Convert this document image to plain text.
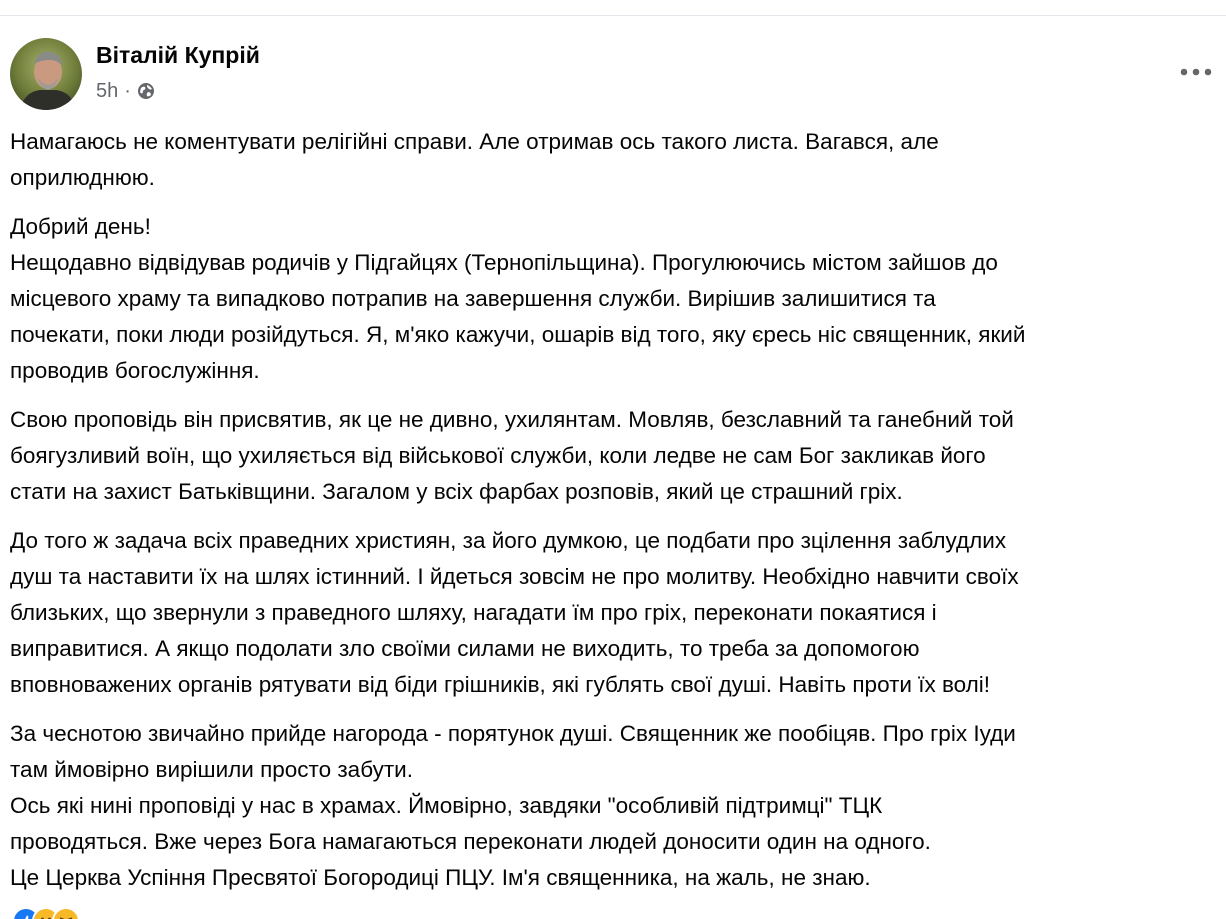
Віталій Купрій
5h ·
Намагаюсь не коментувати релігійні справи. Але отримав ось такого листа. Вагався, але
оприлюднюю.
Добрий день!
Нещодавно відвідував родичів у Підгайцях (Тернопільщина). Прогулюючись містом зайшов до
місцевого храму та випадково потрапив на завершення служби. Вирішив залишитися та
почекати, поки люди розійдуться. Я, м'яко кажучи, ошарів від того, яку єресь ніс священник, який
проводив богослужіння.
Свою проповідь він присвятив, як це не дивно, ухилянтам. Мовляв, безславний та ганебний той
боягузливий воїн, що ухиляється від військової служби, коли ледве не сам Бог закликав його
стати на захист Батьківщини. Загалом у всіх фарбах розповів, який це страшний гріх.
До того ж задача всіх праведних християн, за його думкою, це подбати про зцілення заблудлих
душ та наставити їх на шлях істинний. І йдеться зовсім не про молитву. Необхідно навчити своїх
близьких, що звернули з праведного шляху, нагадати їм про гріх, переконати покаятися і
виправитися. А якщо подолати зло своїми силами не виходить, то треба за допомогою
вповноважених органів рятувати від біди грішників, які гублять свої душі. Навіть проти їх волі!
За чеснотою звичайно прийде нагорода - порятунок душі. Священник же пообіцяв. Про гріх Іуди
там ймовірно вирішили просто забути.
Ось які нині проповіді у нас в храмах. Ймовірно, завдяки "особливій підтримці" ТЦК
проводяться. Вже через Бога намагаються переконати людей доносити один на одного.
Це Церква Успіння Пресвятої Богородиці ПЦУ. Ім'я священника, на жаль, не знаю.
